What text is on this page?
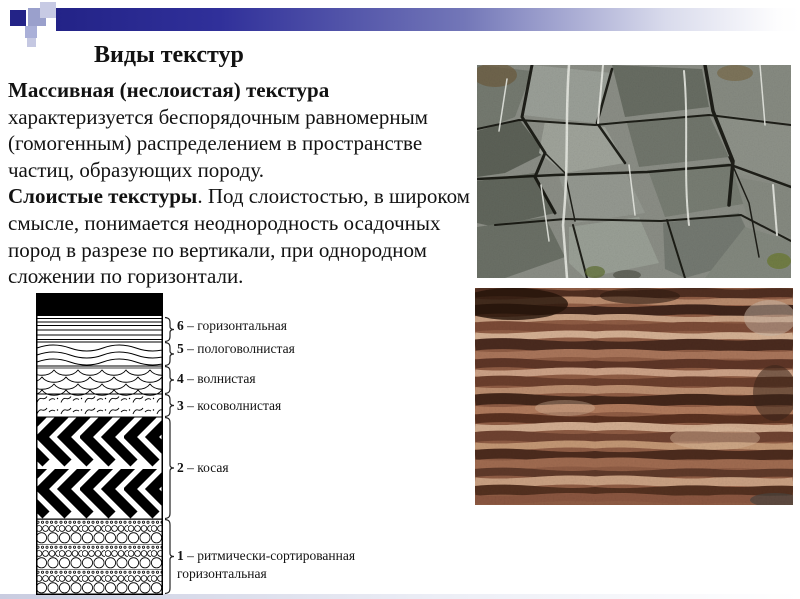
Виды текстур

Массивная (неслоистая) текстура характеризуется беспорядочным равномерным (гомогенным) распределением в пространстве частиц, образующих породу.

Слоистые текстуры. Под слоистостью, в широком смысле, понимается неоднородность осадочных пород в разрезе по вертикали, при однородном сложении по горизонтали.

6 – горизонтальная
5 – пологоволнистая
4 – волнистая
3 – косоволнистая
2 – косая
1 – ритмически-сортированная горизонтальная
